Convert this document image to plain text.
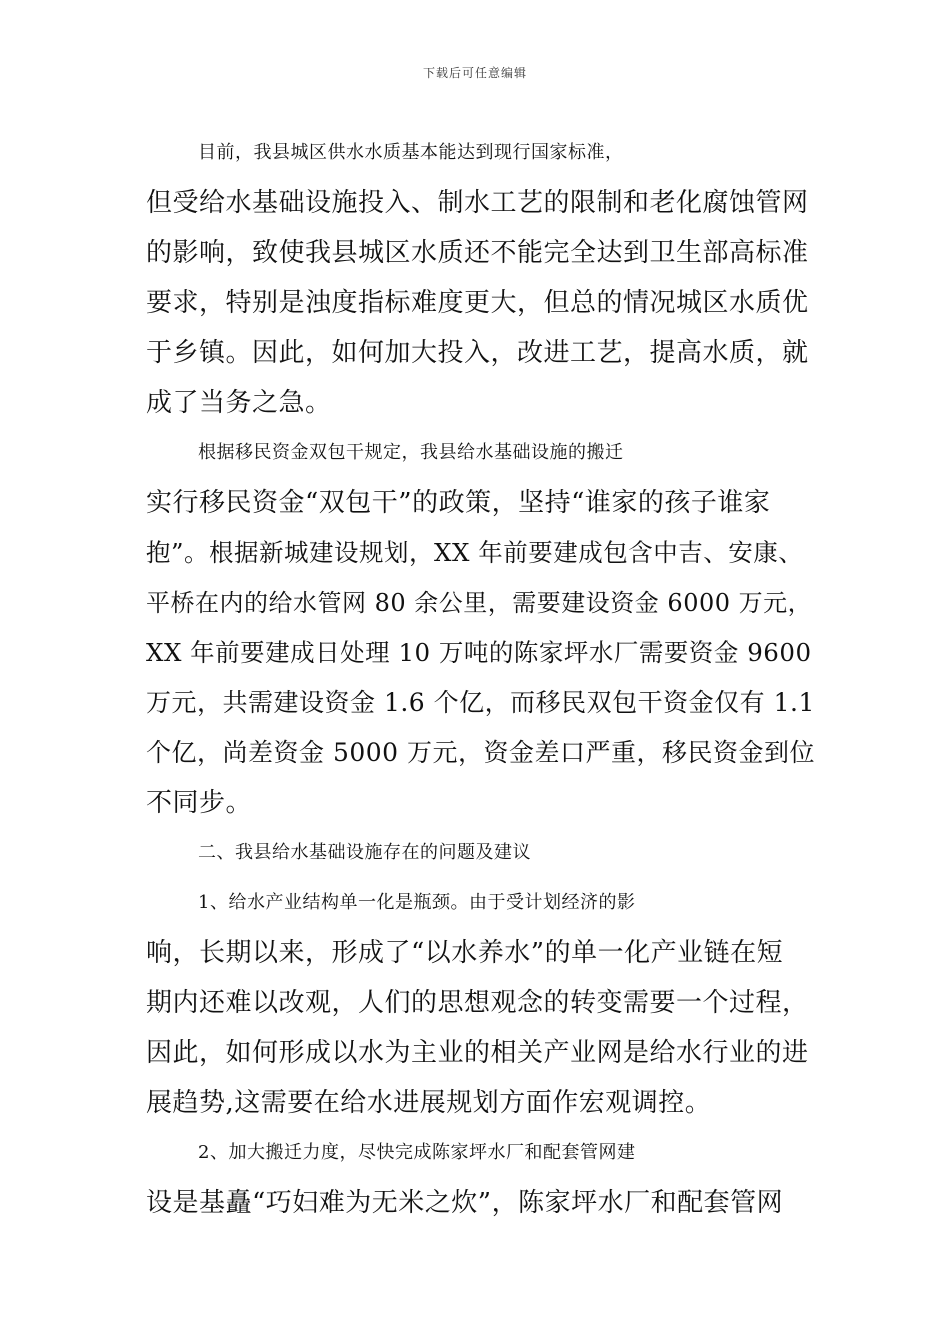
下载后可任意编辑

目前，我县城区供水水质基本能达到现行国家标准，
但受给水基础设施投入、制水工艺的限制和老化腐蚀管网
的影响，致使我县城区水质还不能完全达到卫生部高标准
要求，特别是浊度指标难度更大，但总的情况城区水质优
于乡镇。因此，如何加大投入，改进工艺，提高水质，就
成了当务之急。

根据移民资金双包干规定，我县给水基础设施的搬迁
实行移民资金“双包干”的政策，坚持“谁家的孩子谁家
抱”。根据新城建设规划，XX 年前要建成包含中吉、安康、
平桥在内的给水管网 80 余公里，需要建设资金 6000 万元，
XX 年前要建成日处理 10 万吨的陈家坪水厂需要资金 9600
万元，共需建设资金 1.6 个亿，而移民双包干资金仅有 1.1
个亿，尚差资金 5000 万元，资金差口严重，移民资金到位
不同步。

二、我县给水基础设施存在的问题及建议

1、给水产业结构单一化是瓶颈。由于受计划经济的影
响，长期以来，形成了“以水养水”的单一化产业链在短
期内还难以改观，人们的思想观念的转变需要一个过程，
因此，如何形成以水为主业的相关产业网是给水行业的进
展趋势,这需要在给水进展规划方面作宏观调控。

2、加大搬迁力度，尽快完成陈家坪水厂和配套管网建
设是基矗“巧妇难为无米之炊”，陈家坪水厂和配套管网
